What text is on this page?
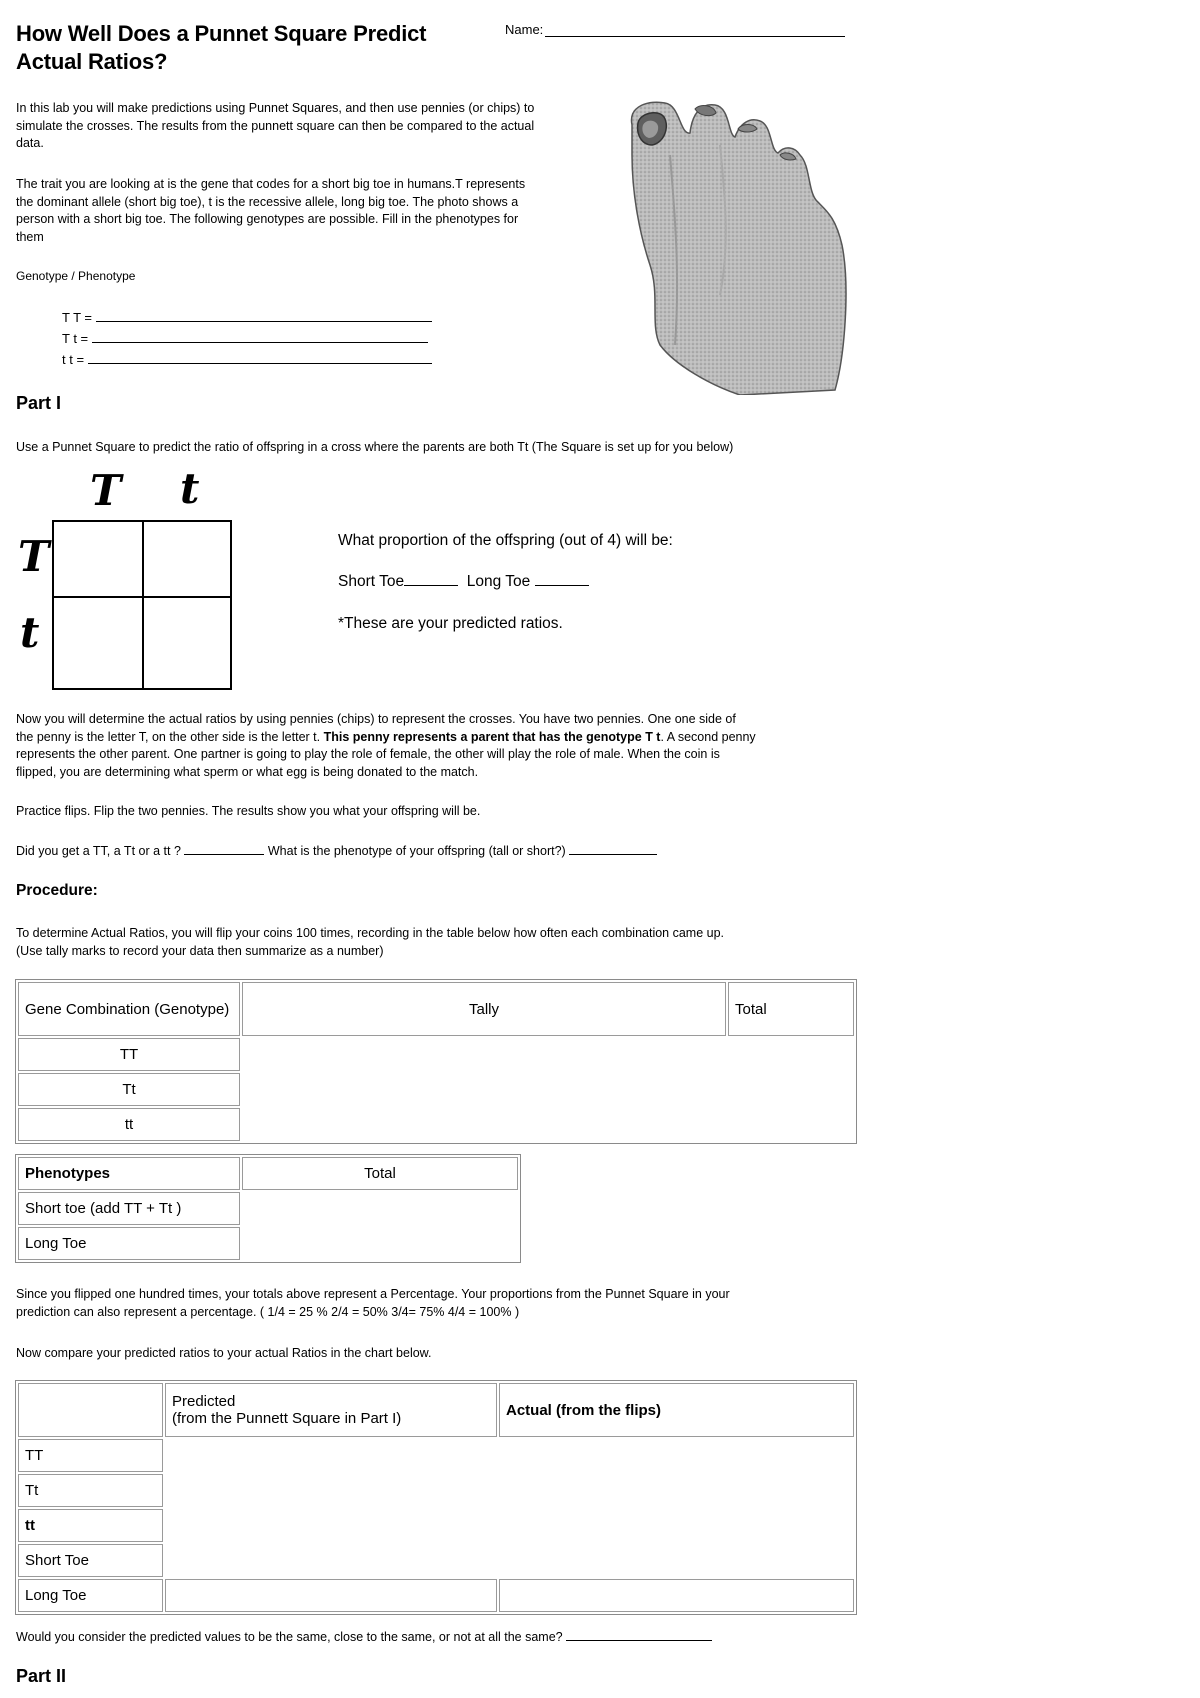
How Well Does a Punnet Square Predict
Actual Ratios?
Name:
In this lab you will make predictions using Punnet Squares, and then use pennies (or chips) to
simulate the crosses. The results from the punnett square can then be compared to the actual
data.
The trait you are looking at is the gene that codes for a short big toe in humans.T represents
the dominant allele (short big toe), t is the recessive allele, long big toe. The photo shows a
person with a short big toe. The following genotypes are possible. Fill in the phenotypes for
them
Genotype / Phenotype
T T =
T t =
t t =
Part I
Use a Punnet Square to predict the ratio of offspring in a cross where the parents are both Tt (The Square is set up for you below)
T t
T
t
What proportion of the offspring (out of 4) will be:
Short Toe	Long Toe
*These are your predicted ratios.
Now you will determine the actual ratios by using pennies (chips) to represent the crosses. You have two pennies. One one side of
the penny is the letter T, on the other side is the letter t. This penny represents a parent that has the genotype T t. A second penny
represents the other parent. One partner is going to play the role of female, the other will play the role of male. When the coin is
flipped, you are determining what sperm or what egg is being donated to the match.
Practice flips. Flip the two pennies. The results show you what your offspring will be.
Did you get a TT, a Tt or a tt ?	What is the phenotype of your offspring (tall or short?)
Procedure:
To determine Actual Ratios, you will flip your coins 100 times, recording in the table below how often each combination came up.
(Use tally marks to record your data then summarize as a number)
Gene Combination (Genotype)	Tally	Total
TT		
Tt		
tt		
Phenotypes	Total
Short toe (add TT + Tt )	
Long Toe	
Since you flipped one hundred times, your totals above represent a Percentage. Your proportions from the Punnet Square in your
prediction can also represent a percentage. ( 1/4 = 25 % 2/4 = 50% 3/4= 75% 4/4 = 100% )
Now compare your predicted ratios to your actual Ratios in the chart below.

	Predicted
(from the Punnett Square in Part I)	Actual (from the flips)
TT		
Tt		
tt		
Short Toe		
Long Toe		
Would you consider the predicted values to be the same, close to the same, or not at all the same?
Part II
